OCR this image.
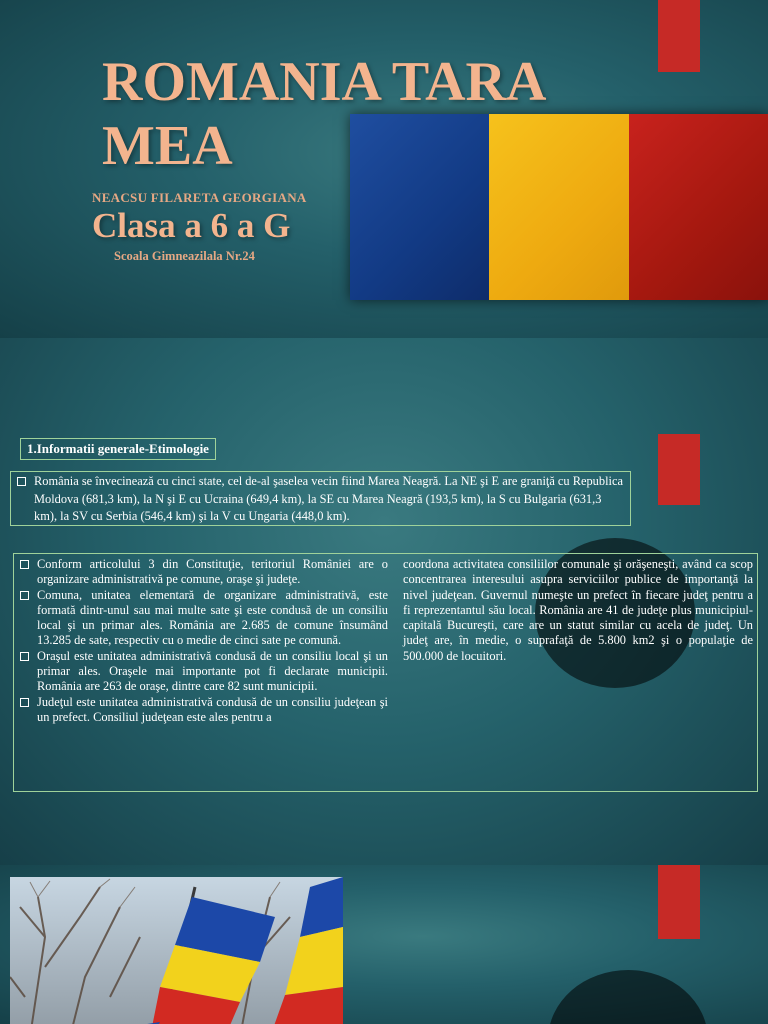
ROMANIA TARA MEA
NEACSU FILARETA GEORGIANA
Clasa a 6 a G
Scoala Gimneazilala Nr.24
1.Informatii generale-Etimologie

România se învecinează cu cinci state, cel de-al şaselea vecin fiind Marea Neagră. La NE şi E are graniţă cu Republica Moldova (681,3 km), la N şi E cu Ucraina (649,4 km), la SE cu Marea Neagră (193,5 km), la S cu Bulgaria (631,3 km), la SV cu Serbia (546,4 km) şi la V cu Ungaria (448,0 km).

Conform articolului 3 din Constituţie, teritoriul României are o organizare administrativă pe comune, oraşe şi judeţe.

Comuna, unitatea elementară de organizare administrativă, este formată dintr-unul sau mai multe sate şi este condusă de un consiliu local şi un primar ales. România are 2.685 de comune însumând 13.285 de sate, respectiv cu o medie de cinci sate pe comună.

Oraşul este unitatea administrativă condusă de un consiliu local şi un primar ales. Oraşele mai importante pot fi declarate municipii. România are 263 de oraşe, dintre care 82 sunt municipii.

Judeţul este unitatea administrativă condusă de un consiliu judeţean şi un prefect. Consiliul judeţean este ales pentru a

coordona activitatea consiliilor comunale şi orăşeneşti, având ca scop concentrarea interesului asupra serviciilor publice de importanţă la nivel judeţean. Guvernul numeşte un prefect în fiecare judeţ pentru a fi reprezentantul său local. România are 41 de judeţe plus municipiul-capitală Bucureşti, care are un statut similar cu acela de judeţ. Un judeţ are, în medie, o suprafaţă de 5.800 km2 şi o populaţie de 500.000 de locuitori.
